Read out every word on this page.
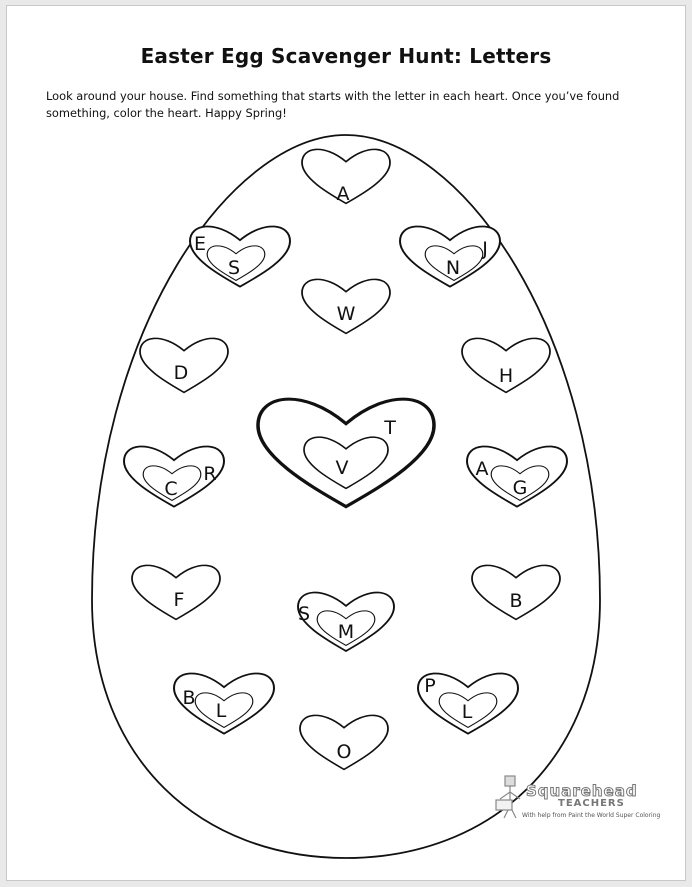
Easter Egg Scavenger Hunt: Letters
Look around your house. Find something that starts with the letter in each heart. Once you’ve found
something, color the heart. Happy Spring!
A
E
S
J
N
W
D	H
T
V
R
C
A
G
F	B
S
M
B
L
P
L
O
Squarehead
TEACHERS
With help from Paint the World Super Coloring
